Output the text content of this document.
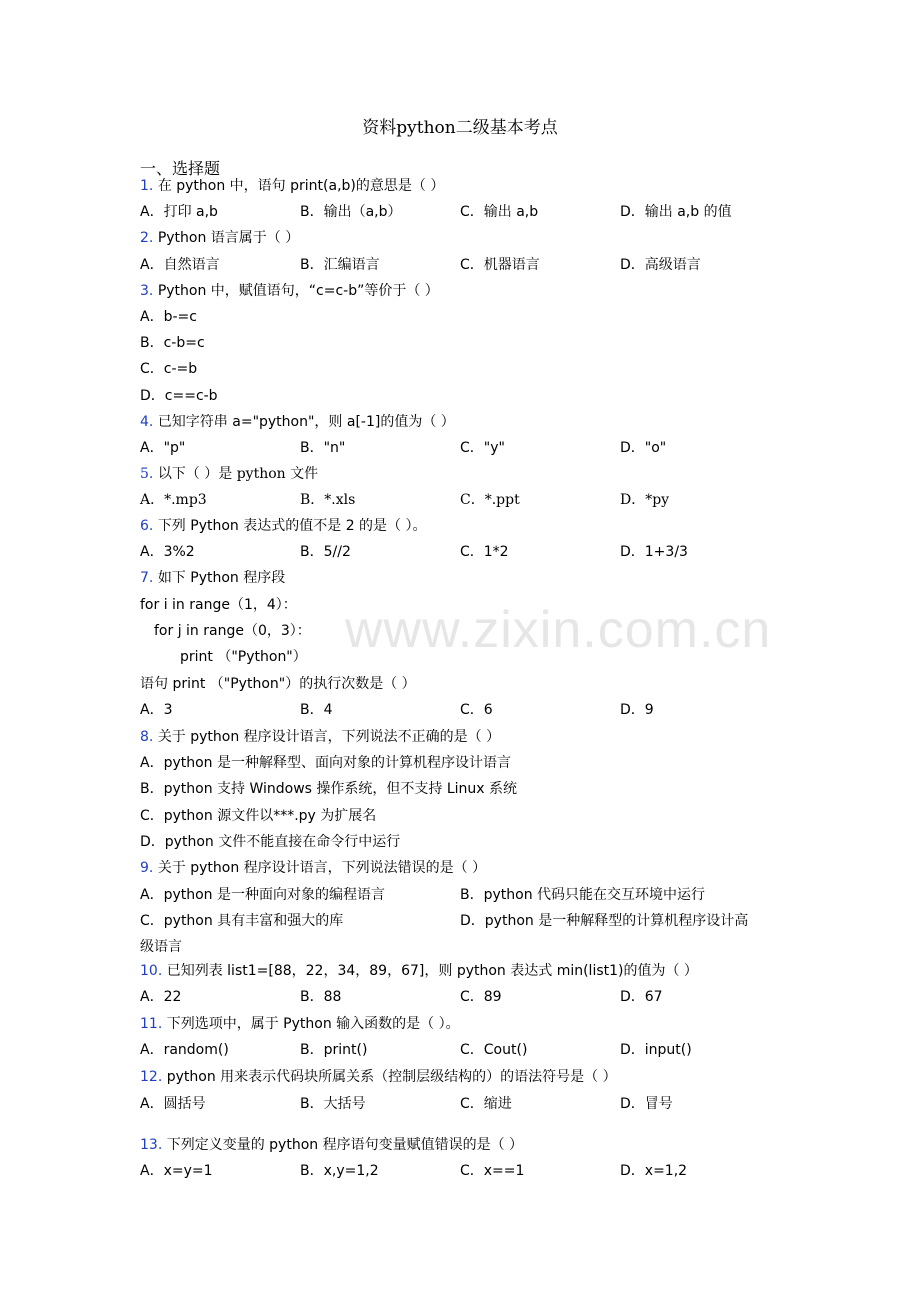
www.zixin.com.cn
资料python二级基本考点
一、选择题
1. 在 python 中，语句 print(a,b)的意思是（ ）
A．打印 a,b	B．输出（a,b）	C．输出 a,b	D．输出 a,b 的值
2. Python 语言属于（ ）
A．自然语言	B．汇编语言	C．机器语言	D．高级语言
3. Python 中，赋值语句，“c=c-b”等价于（ ）
A．b-=c
B．c-b=c
C．c-=b
D．c==c-b
4. 已知字符串 a="python"，则 a[-1]的值为（ ）
A．"p"	B．"n"	C．"y"	D．"o"
5. 以下（ ）是 python 文件
A．*.mp3	B．*.xls	C．*.ppt	D．*py
6. 下列 Python 表达式的值不是 2 的是（ ）。
A．3%2	B．5//2	C．1*2	D．1+3/3
7. 如下 Python 程序段
for i in range（1，4）：
for j in range（0，3）：
print （"Python"）
语句 print （"Python"）的执行次数是（ ）
A．3	B．4	C．6	D．9
8. 关于 python 程序设计语言，下列说法不正确的是（ ）
A．python 是一种解释型、面向对象的计算机程序设计语言
B．python 支持 Windows 操作系统，但不支持 Linux 系统
C．python 源文件以***.py 为扩展名
D．python 文件不能直接在命令行中运行
9. 关于 python 程序设计语言，下列说法错误的是（ ）
A．python 是一种面向对象的编程语言	B．python 代码只能在交互环境中运行
C．python 具有丰富和强大的库	D．python 是一种解释型的计算机程序设计高
级语言
10. 已知列表 list1=[88，22，34，89，67]，则 python 表达式 min(list1)的值为（ ）
A．22	B．88	C．89	D．67
11. 下列选项中，属于 Python 输入函数的是（ ）。
A．random()	B．print()	C．Cout()	D．input()
12. python 用来表示代码块所属关系（控制层级结构的）的语法符号是（ ）
A．圆括号	B．大括号	C．缩进	D．冒号
13. 下列定义变量的 python 程序语句变量赋值错误的是（ ）
A．x=y=1	B．x,y=1,2	C．x==1	D．x=1,2
